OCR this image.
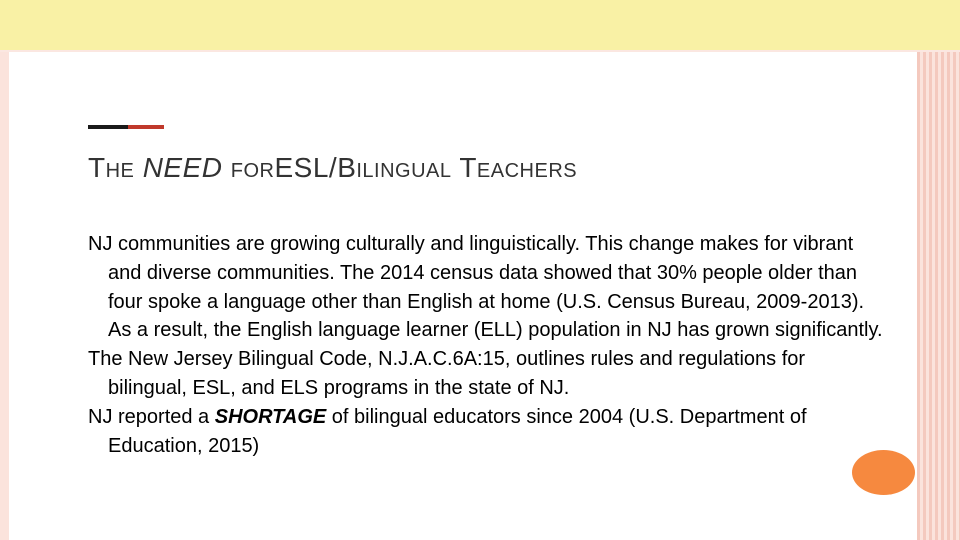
THE NEED FORESL/BILINGUAL TEACHERS

NJ communities are growing culturally and linguistically. This change makes for vibrant and diverse communities. The 2014 census data showed that 30% people older than four spoke a language other than English at home (U.S. Census Bureau, 2009-2013). As a result, the English language learner (ELL) population in NJ has grown significantly.

The New Jersey Bilingual Code, N.J.A.C.6A:15, outlines rules and regulations for bilingual, ESL, and ELS programs in the state of NJ.

NJ reported a SHORTAGE of bilingual educators since 2004 (U.S. Department of Education, 2015)
